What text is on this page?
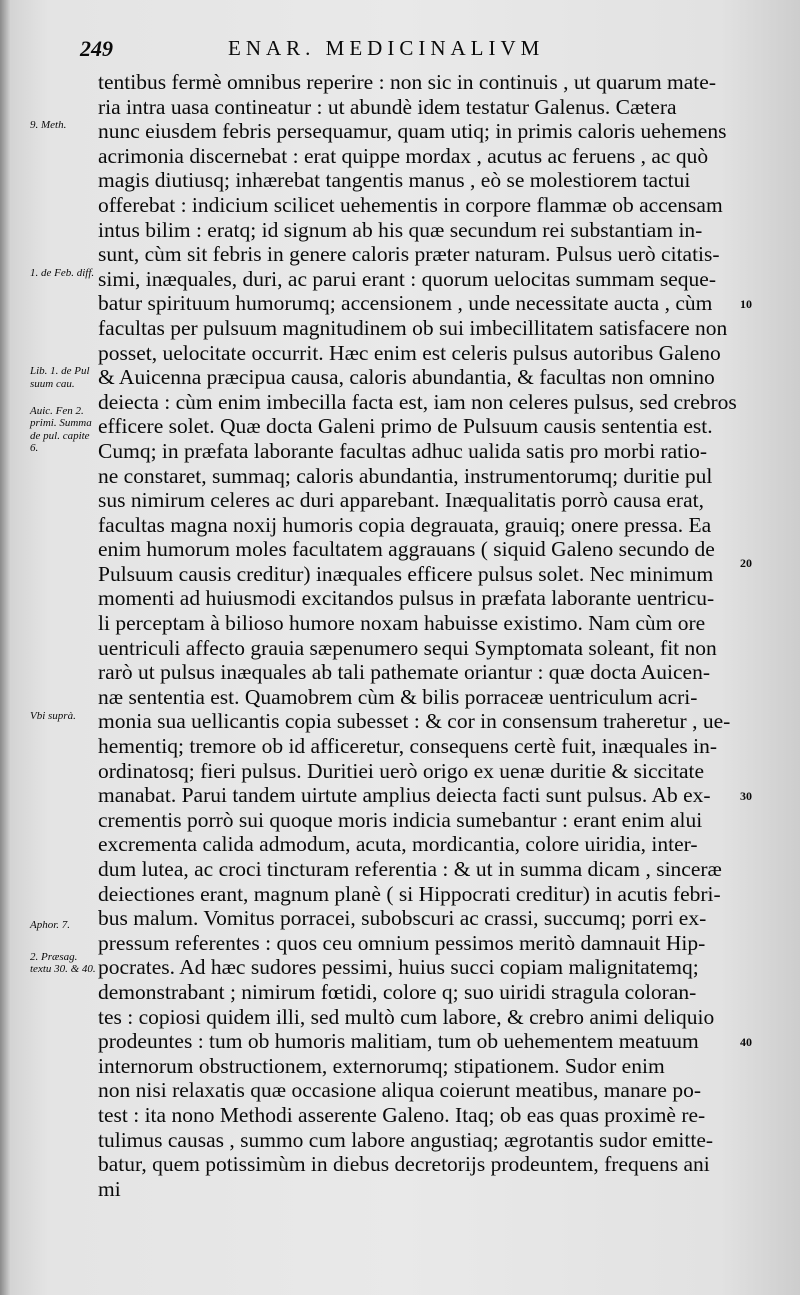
249	ENAR. MEDICINALIVM
9. Meth.
1. de Feb. diff.
Lib. 1. de Pul suum cau.
Auic. Fen 2. primi. Summa de pul. capite 6.
Vbi suprà.
Aphor. 7.
2. Præsag. textu 30. & 40.
tentibus fermè omnibus reperire : non sic in continuis , ut quarum mate-
ria intra uasa contineatur : ut abundè idem testatur Galenus. Cætera
nunc eiusdem febris persequamur, quam utiq; in primis caloris uehemens
acrimonia discernebat : erat quippe mordax , acutus ac feruens , ac quò
magis diutiusq; inhærebat tangentis manus , eò se molestiorem tactui
offerebat : indicium scilicet uehementis in corpore flammæ ob accensam
intus bilim : eratq; id signum ab his quæ secundum rei substantiam in-
sunt, cùm sit febris in genere caloris præter naturam. Pulsus uerò citatis-
simi, inæquales, duri, ac parui erant : quorum uelocitas summam seque-
batur spirituum humorumq; accensionem , unde necessitate aucta , cùm
facultas per pulsuum magnitudinem ob sui imbecillitatem satisfacere non
posset, uelocitate occurrit. Hæc enim est celeris pulsus autoribus Galeno
& Auicenna præcipua causa, caloris abundantia, & facultas non omnino
deiecta : cùm enim imbecilla facta est, iam non celeres pulsus, sed crebros
efficere solet. Quæ docta Galeni primo de Pulsuum causis sententia est.
Cumq; in præfata laborante facultas adhuc ualida satis pro morbi ratio-
ne constaret, summaq; caloris abundantia, instrumentorumq; duritie pul
sus nimirum celeres ac duri apparebant. Inæqualitatis porrò causa erat,
facultas magna noxij humoris copia degrauata, grauiq; onere pressa. Ea
enim humorum moles facultatem aggrauans ( siquid Galeno secundo de
Pulsuum causis creditur) inæquales efficere pulsus solet. Nec minimum
momenti ad huiusmodi excitandos pulsus in præfata laborante uentricu-
li perceptam à bilioso humore noxam habuisse existimo. Nam cùm ore
uentriculi affecto grauia sæpenumero sequi Symptomata soleant, fit non
rarò ut pulsus inæquales ab tali pathemate oriantur : quæ docta Auicen-
næ sententia est. Quamobrem cùm & bilis porraceæ uentriculum acri-
monia sua uellicantis copia subesset : & cor in consensum traheretur , ue-
hementiq; tremore ob id afficeretur, consequens certè fuit, inæquales in-
ordinatosq; fieri pulsus. Duritiei uerò origo ex uenæ duritie & siccitate
manabat. Parui tandem uirtute amplius deiecta facti sunt pulsus. Ab ex-
crementis porrò sui quoque moris indicia sumebantur : erant enim alui
excrementa calida admodum, acuta, mordicantia, colore uiridia, inter-
dum lutea, ac croci tincturam referentia : & ut in summa dicam , sinceræ
deiectiones erant, magnum planè ( si Hippocrati creditur) in acutis febri-
bus malum. Vomitus porracei, subobscuri ac crassi, succumq; porri ex-
pressum referentes : quos ceu omnium pessimos meritò damnauit Hip-
pocrates. Ad hæc sudores pessimi, huius succi copiam malignitatemq;
demonstrabant ; nimirum fœtidi, colore q; suo uiridi stragula coloran-
tes : copiosi quidem illi, sed multò cum labore, & crebro animi deliquio
prodeuntes : tum ob humoris malitiam, tum ob uehementem meatuum
internorum obstructionem, externorumq; stipationem. Sudor enim
non nisi relaxatis quæ occasione aliqua coierunt meatibus, manare po-
test : ita nono Methodi asserente Galeno. Itaq; ob eas quas proximè re-
tulimus causas , summo cum labore angustiaq; ægrotantis sudor emitte-
batur, quem potissimùm in diebus decretorijs prodeuntem, frequens ani
mi
10
20
30
40
